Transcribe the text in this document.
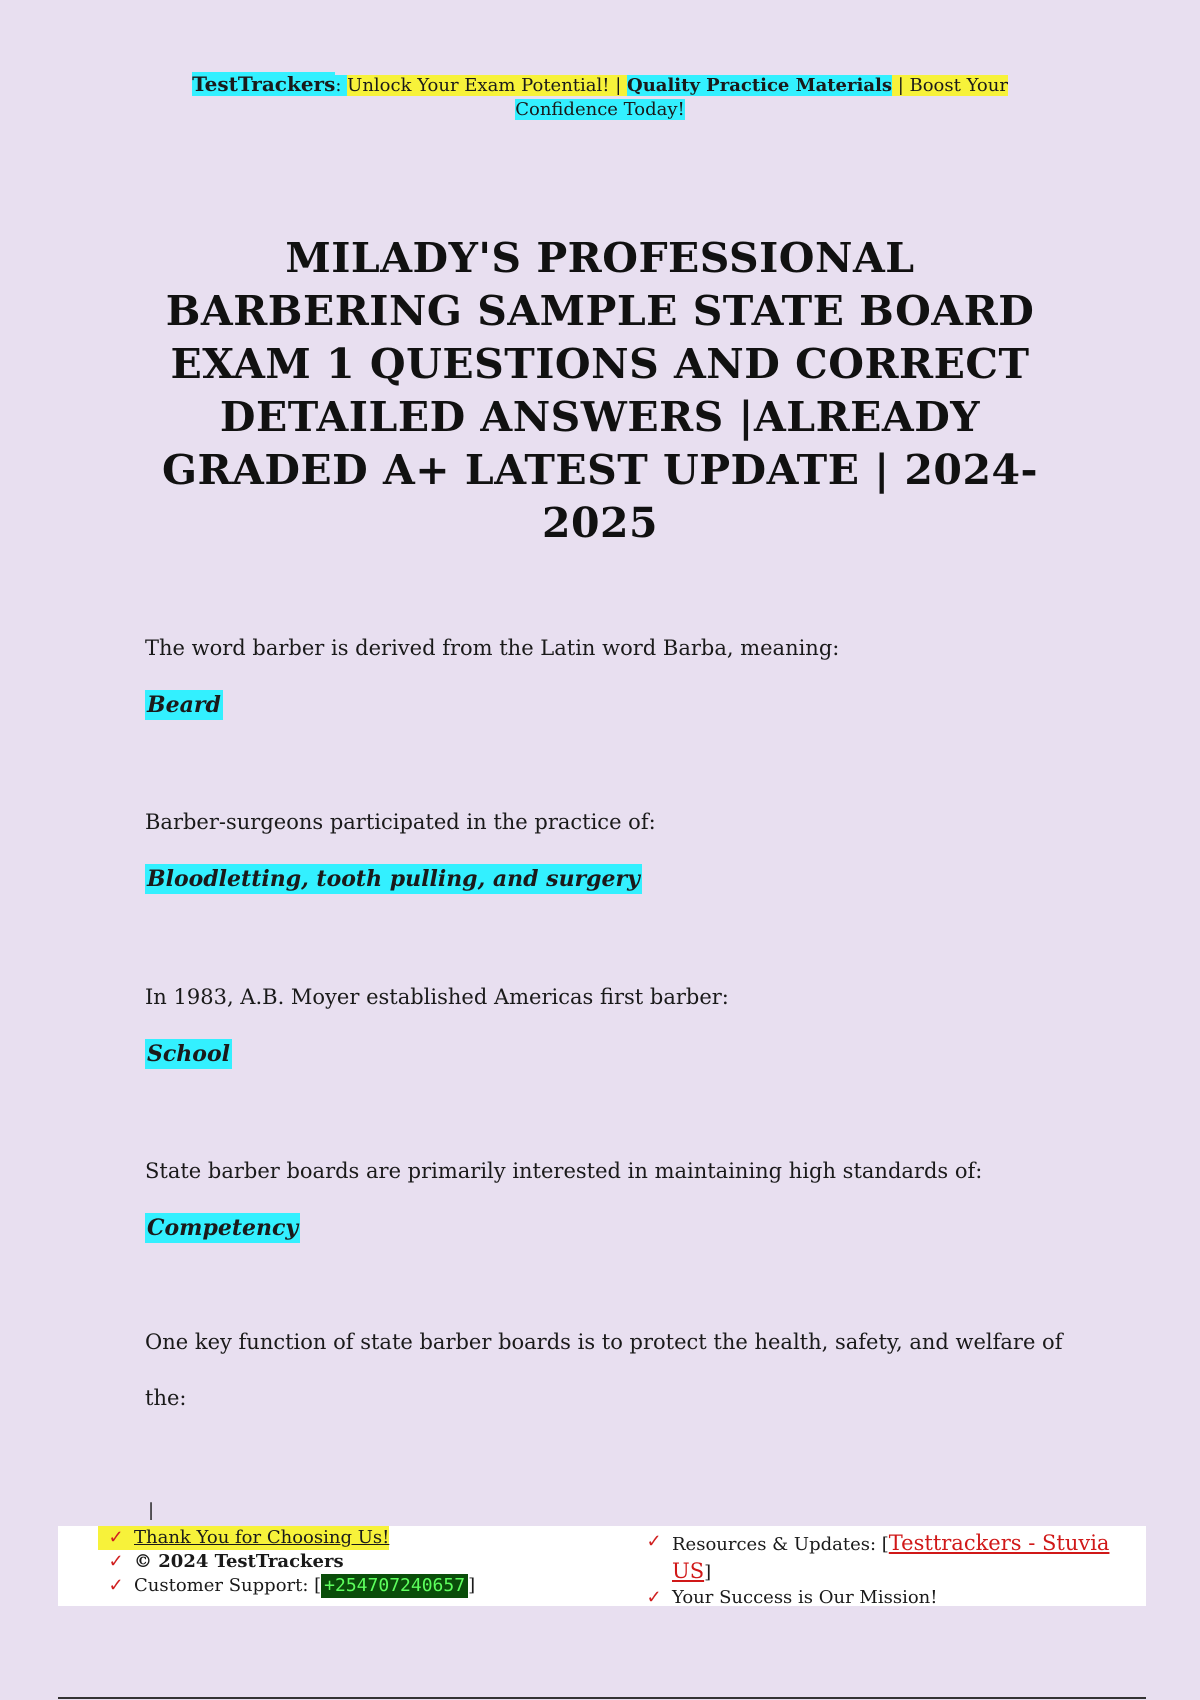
TestTrackers: Unlock Your Exam Potential! | Quality Practice Materials | Boost Your
Confidence Today!
MILADY'S PROFESSIONAL BARBERING SAMPLE STATE BOARD EXAM 1 QUESTIONS AND CORRECT DETAILED ANSWERS |ALREADY GRADED A+ LATEST UPDATE | 2024-2025

The word barber is derived from the Latin word Barba, meaning:

Beard

Barber-surgeons participated in the practice of:

Bloodletting, tooth pulling, and surgery

In 1983, A.B. Moyer established Americas first barber:

School

State barber boards are primarily interested in maintaining high standards of:

Competency

One key function of state barber boards is to protect the health, safety, and welfare of the:

|
✓ Thank You for Choosing Us!
✓ © 2024 TestTrackers
✓ Customer Support: [ +254707240657 ]
✓ Resources & Updates: [Testtrackers - Stuvia US]
✓ Your Success is Our Mission!
